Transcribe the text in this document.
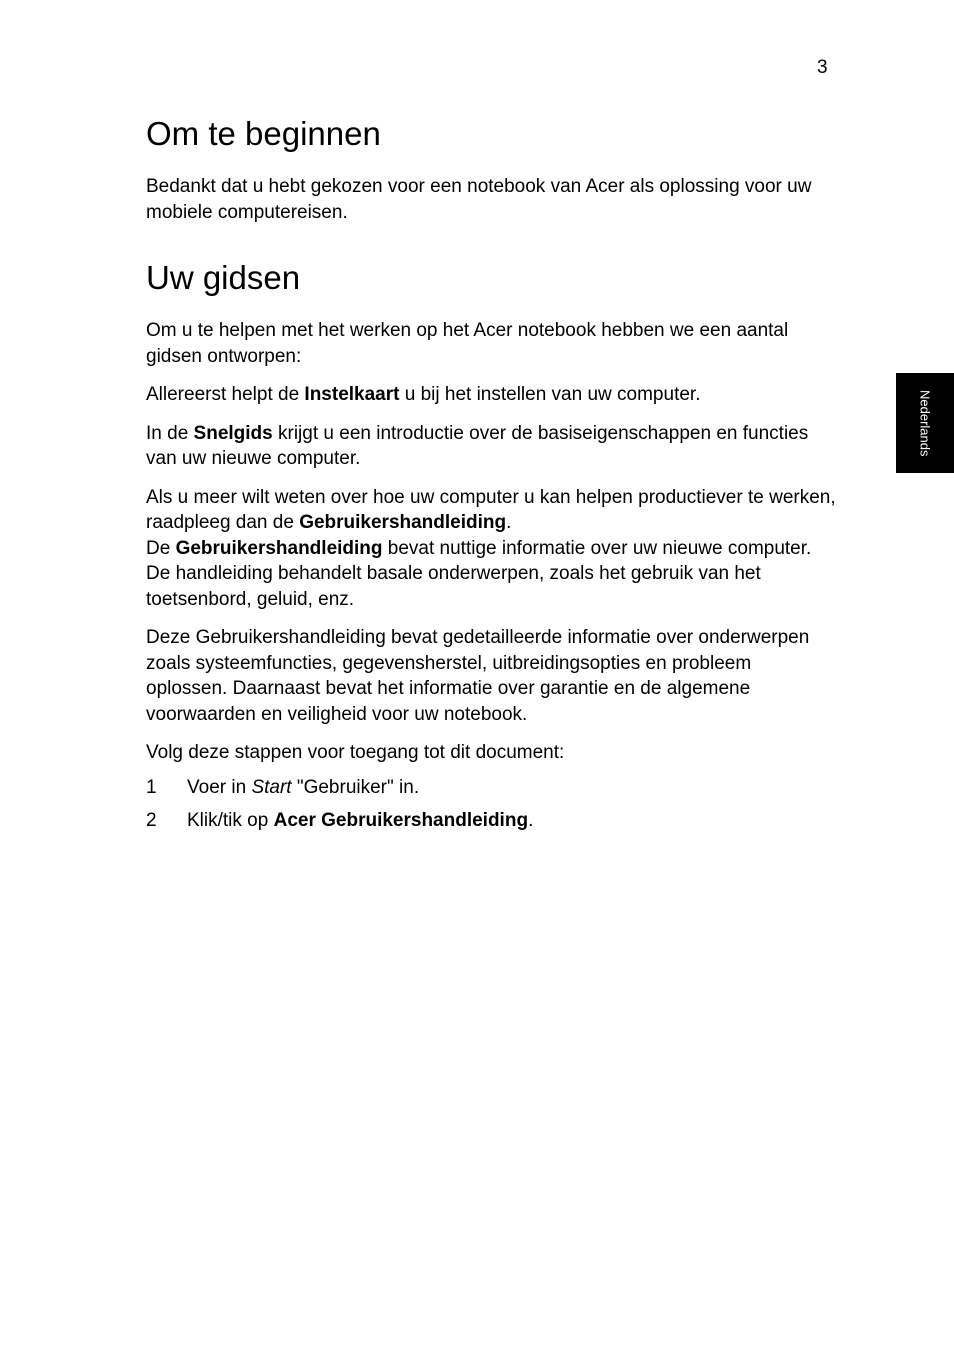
3
Nederlands
Om te beginnen

Bedankt dat u hebt gekozen voor een notebook van Acer als oplossing voor uw mobiele computereisen.

Uw gidsen

Om u te helpen met het werken op het Acer notebook hebben we een aantal gidsen ontworpen:

Allereerst helpt de Instelkaart u bij het instellen van uw computer.

In de Snelgids krijgt u een introductie over de basiseigenschappen en functies van uw nieuwe computer.

Als u meer wilt weten over hoe uw computer u kan helpen productiever te werken, raadpleeg dan de Gebruikershandleiding.

De Gebruikershandleiding bevat nuttige informatie over uw nieuwe computer. De handleiding behandelt basale onderwerpen, zoals het gebruik van het toetsenbord, geluid, enz.

Deze Gebruikershandleiding bevat gedetailleerde informatie over onderwerpen zoals systeemfuncties, gegevensherstel, uitbreidingsopties en probleem oplossen. Daarnaast bevat het informatie over garantie en de algemene voorwaarden en veiligheid voor uw notebook.

Volg deze stappen voor toegang tot dit document:

1	Voer in Start "Gebruiker" in.
2	Klik/tik op Acer Gebruikershandleiding.
